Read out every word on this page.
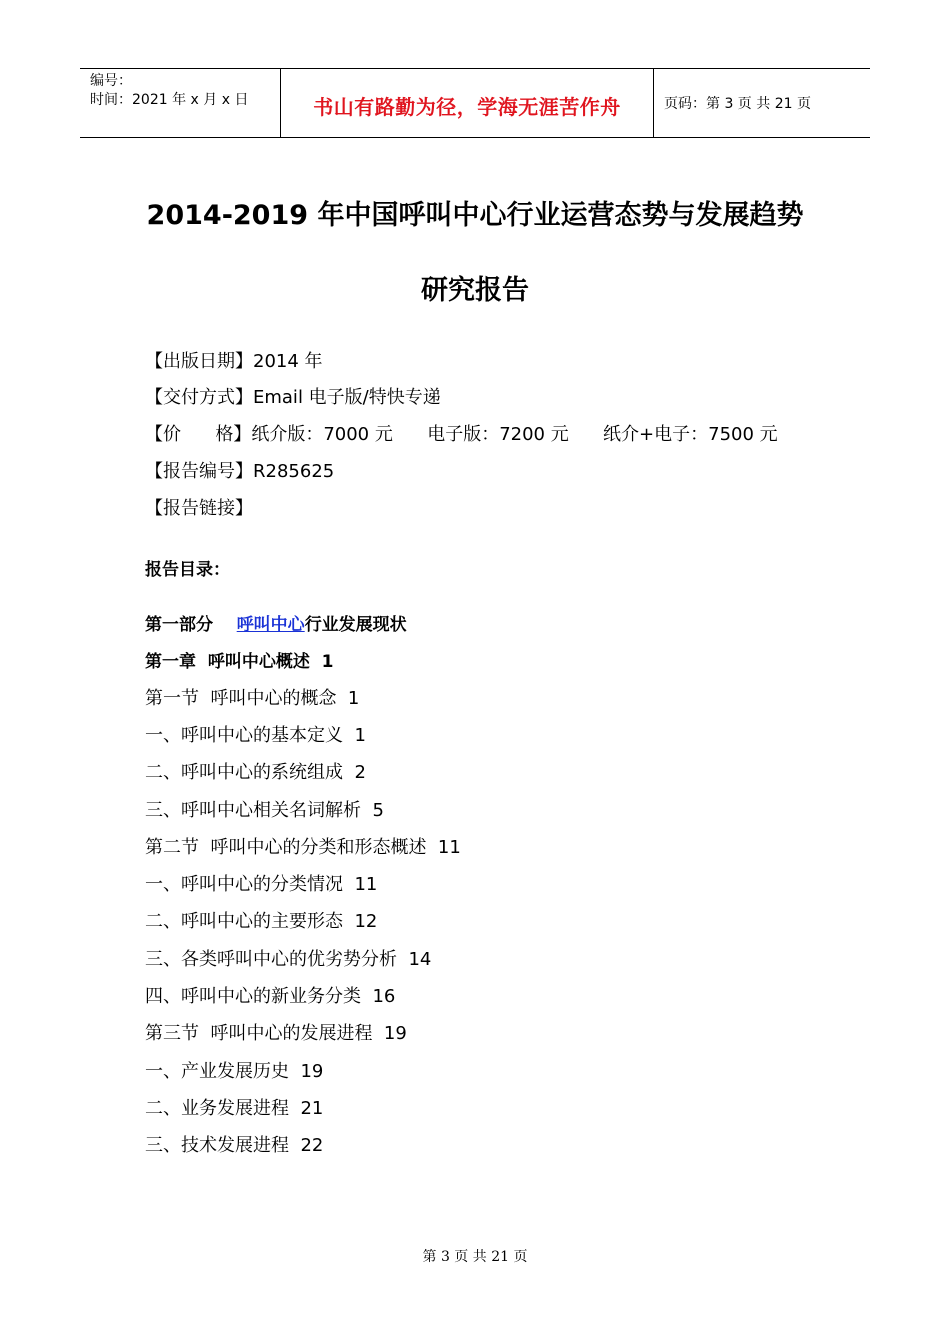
编号：
时间：2021 年 x 月 x 日	书山有路勤为径，学海无涯苦作舟	页码：第 3 页 共 21 页
2014-2019 年中国呼叫中心行业运营态势与发展趋势
研究报告
【出版日期】2014 年
【交付方式】Email 电子版/特快专递
【价      格】纸介版：7000 元      电子版：7200 元      纸介+电子：7500 元
【报告编号】R285625
【报告链接】
报告目录：
第一部分    呼叫中心行业发展现状
第一章  呼叫中心概述  1
第一节  呼叫中心的概念  1
一、呼叫中心的基本定义  1
二、呼叫中心的系统组成  2
三、呼叫中心相关名词解析  5
第二节  呼叫中心的分类和形态概述  11
一、呼叫中心的分类情况  11
二、呼叫中心的主要形态  12
三、各类呼叫中心的优劣势分析  14
四、呼叫中心的新业务分类  16
第三节  呼叫中心的发展进程  19
一、产业发展历史  19
二、业务发展进程  21
三、技术发展进程  22
第 3 页 共 21 页
